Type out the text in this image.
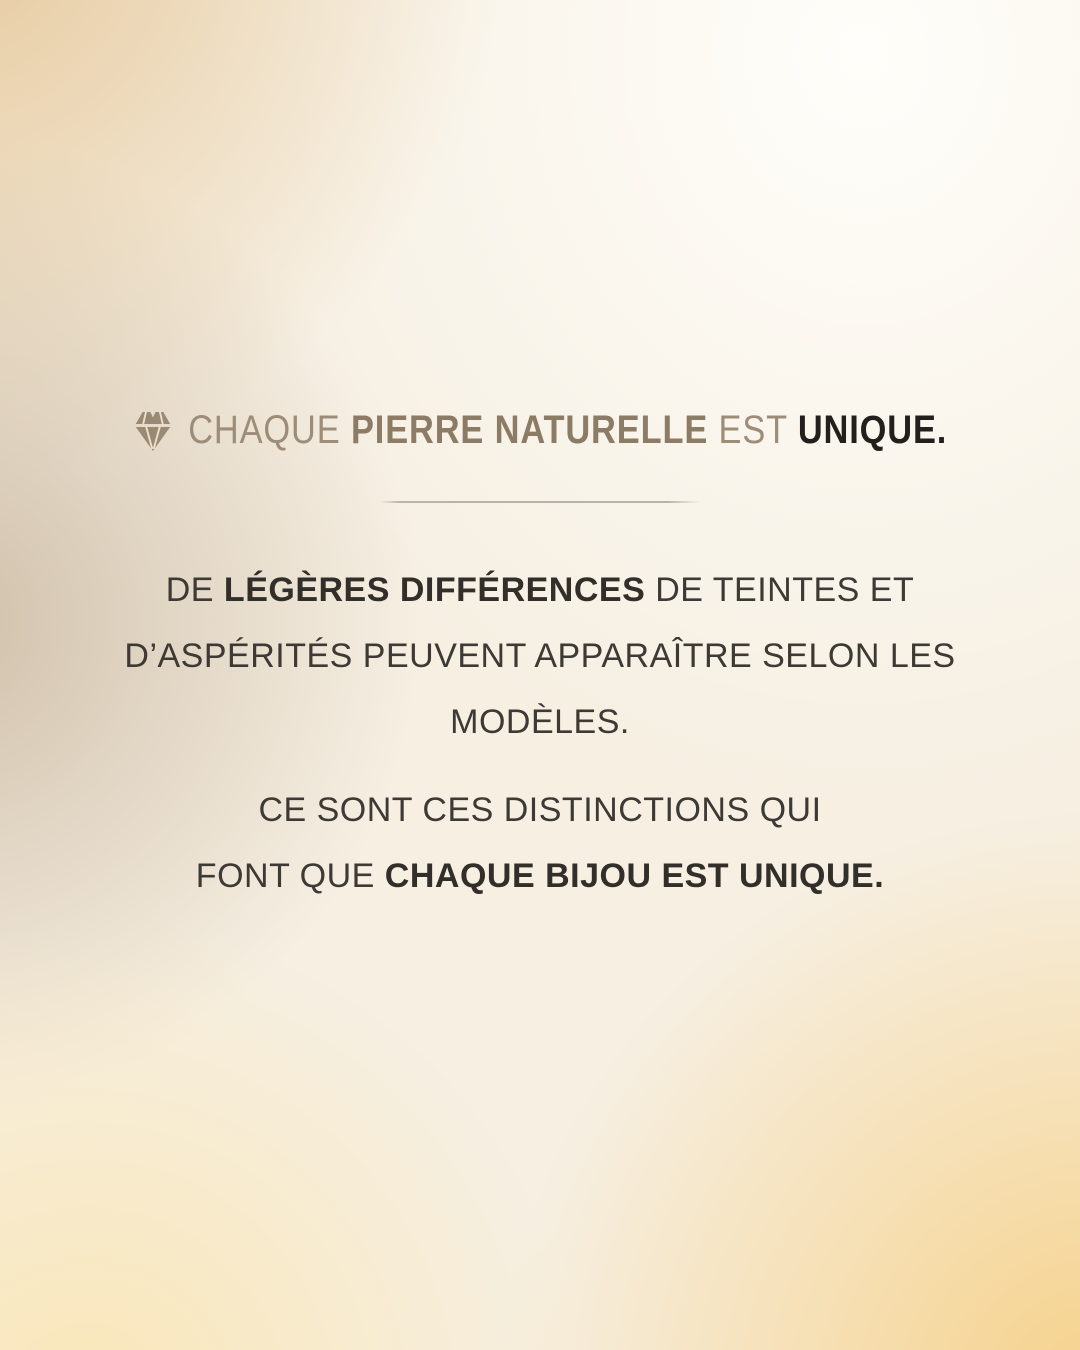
CHAQUE PIERRE NATURELLE EST UNIQUE.
DE LÉGÈRES DIFFÉRENCES DE TEINTES ET
D’ASPÉRITÉS PEUVENT APPARAÎTRE SELON LES
MODÈLES.
CE SONT CES DISTINCTIONS QUI
FONT QUE CHAQUE BIJOU EST UNIQUE.
